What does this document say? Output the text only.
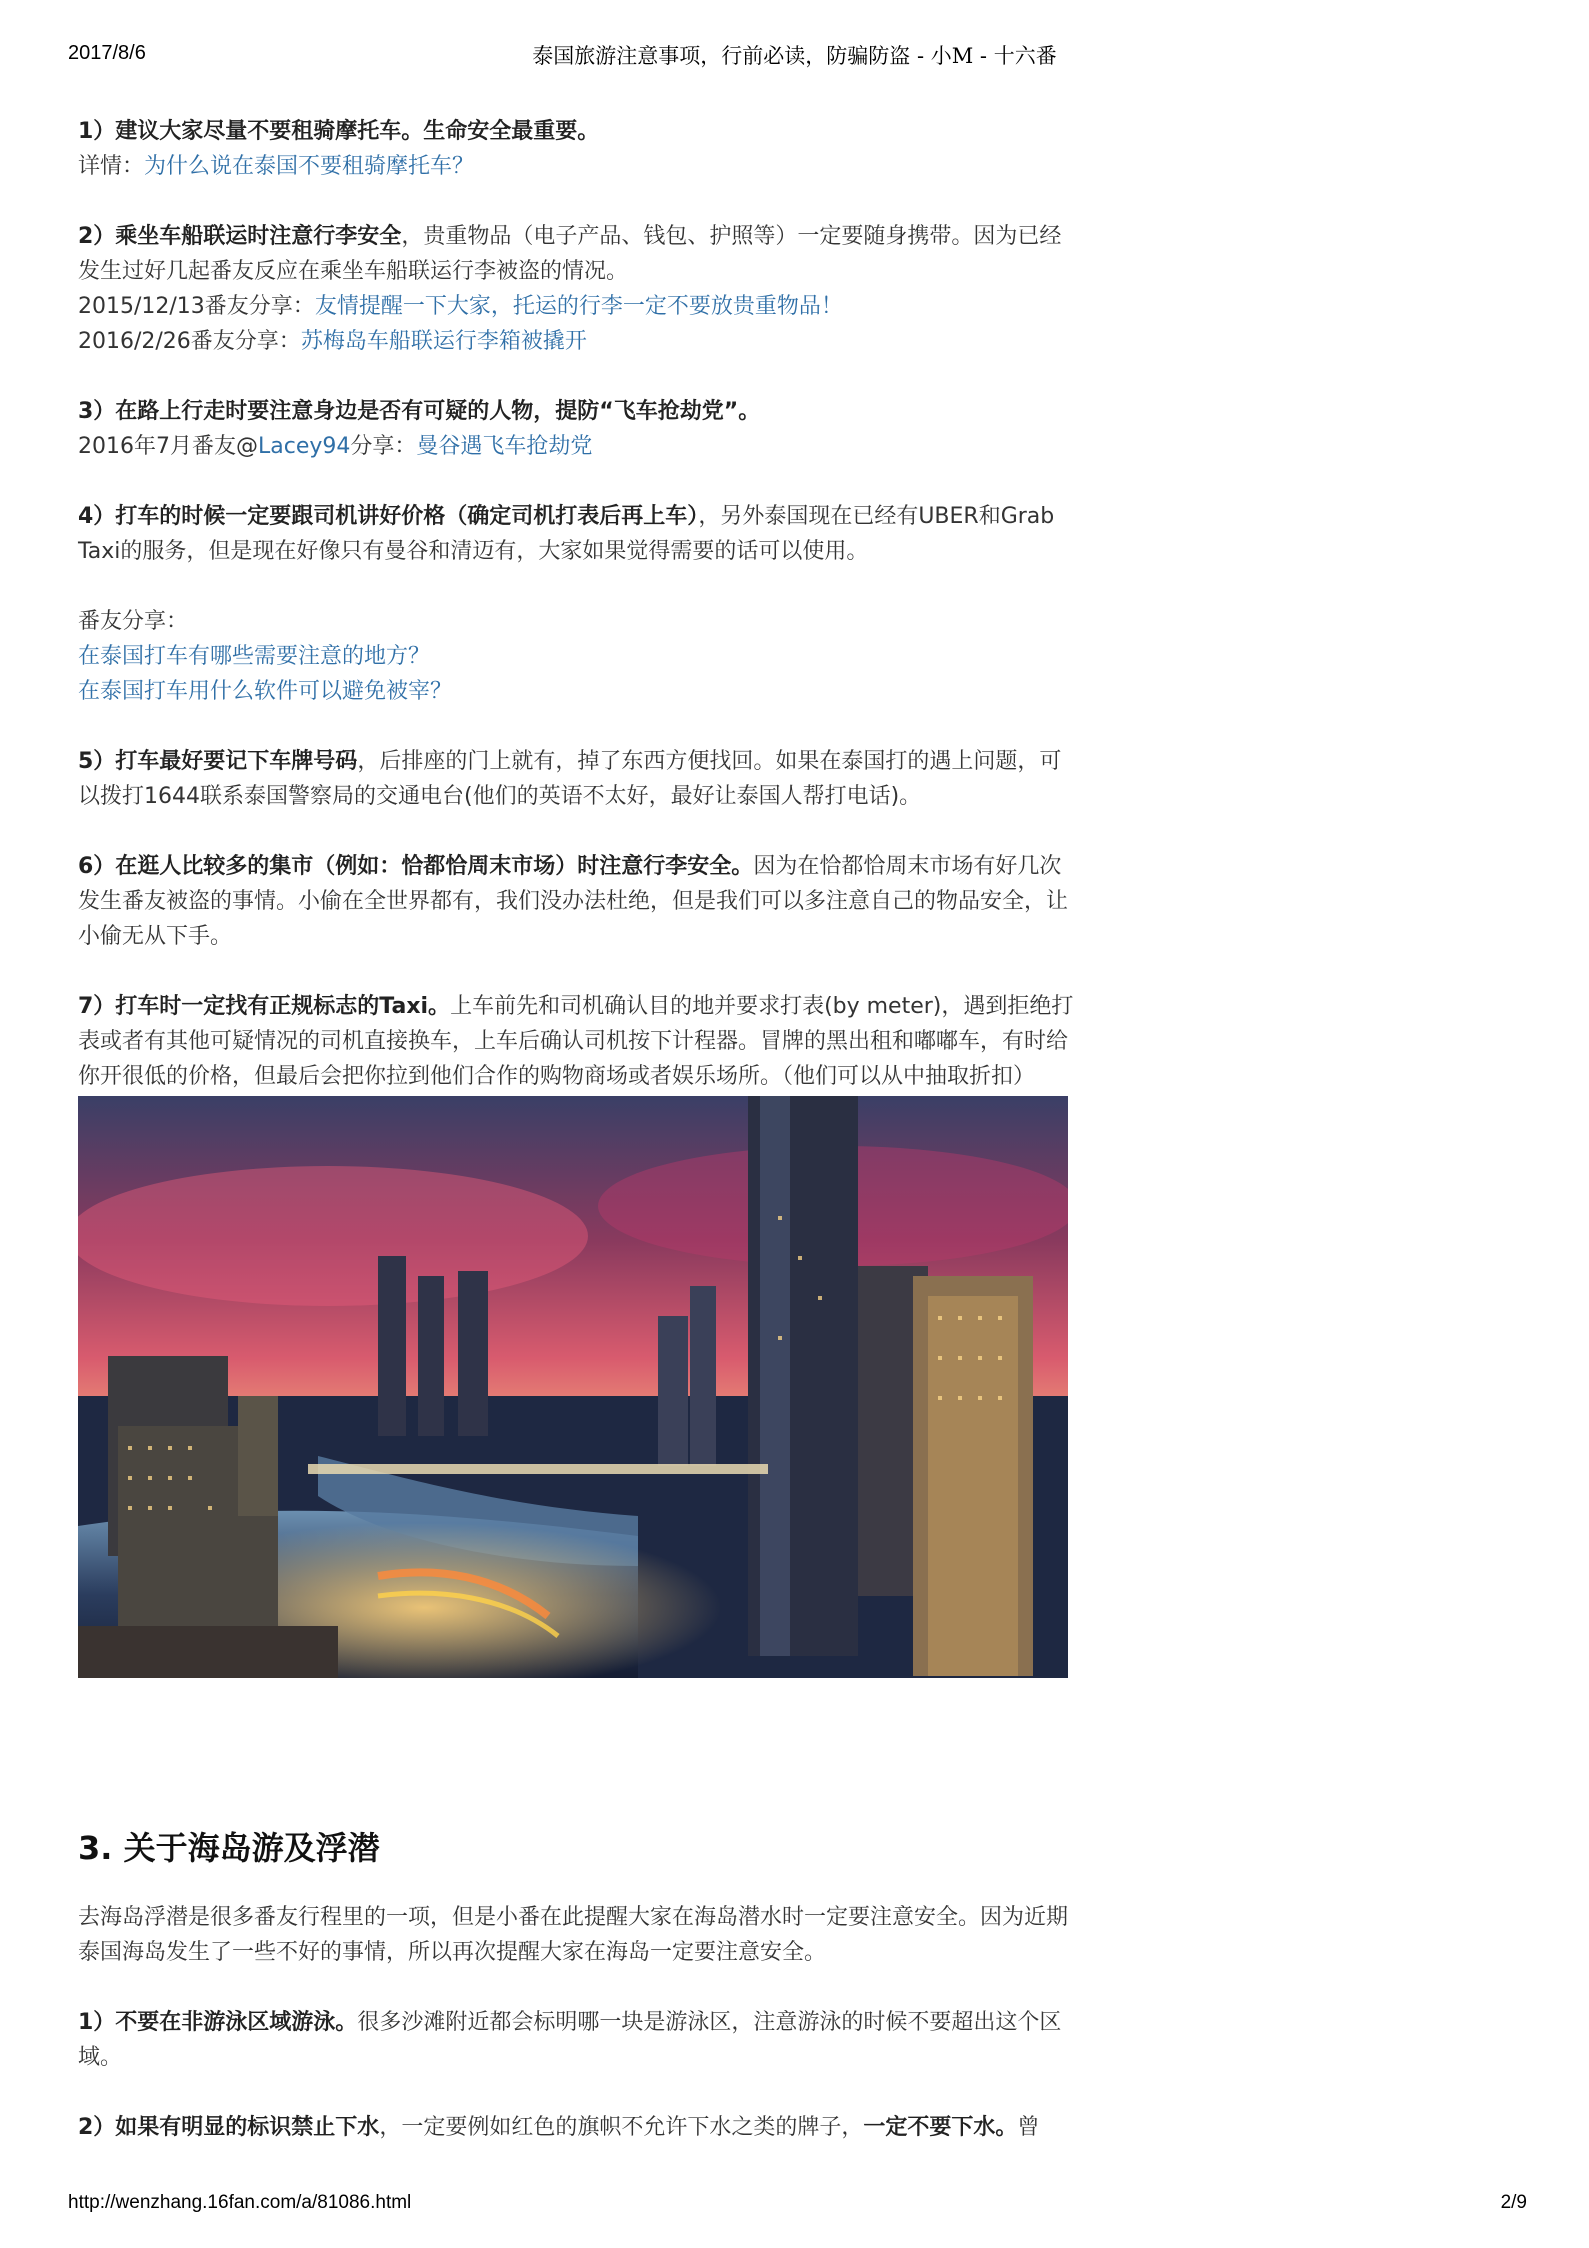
2017/8/6	泰国旅游注意事项，行前必读，防骗防盗 - 小M - 十六番

1）建议大家尽量不要租骑摩托车。生命安全最重要。

详情：为什么说在泰国不要租骑摩托车？

2）乘坐车船联运时注意行李安全，贵重物品（电子产品、钱包、护照等）一定要随身携带。因为已经发生过好几起番友反应在乘坐车船联运行李被盗的情况。

2015/12/13番友分享：友情提醒一下大家，托运的行李一定不要放贵重物品！

2016/2/26番友分享：苏梅岛车船联运行李箱被撬开

3）在路上行走时要注意身边是否有可疑的人物，提防“飞车抢劫党”。

2016年7月番友@Lacey94分享：曼谷遇飞车抢劫党

4）打车的时候一定要跟司机讲好价格（确定司机打表后再上车），另外泰国现在已经有UBER和Grab Taxi的服务，但是现在好像只有曼谷和清迈有，大家如果觉得需要的话可以使用。

番友分享：

在泰国打车有哪些需要注意的地方？

在泰国打车用什么软件可以避免被宰？

5）打车最好要记下车牌号码，后排座的门上就有，掉了东西方便找回。如果在泰国打的遇上问题，可以拨打1644联系泰国警察局的交通电台(他们的英语不太好，最好让泰国人帮打电话)。

6）在逛人比较多的集市（例如：恰都恰周末市场）时注意行李安全。因为在恰都恰周末市场有好几次发生番友被盗的事情。小偷在全世界都有，我们没办法杜绝，但是我们可以多注意自己的物品安全，让小偷无从下手。

7）打车时一定找有正规标志的Taxi。上车前先和司机确认目的地并要求打表(by meter)，遇到拒绝打表或者有其他可疑情况的司机直接换车，上车后确认司机按下计程器。冒牌的黑出租和嘟嘟车，有时给你开很低的价格，但最后会把你拉到他们合作的购物商场或者娱乐场所。（他们可以从中抽取折扣）

3. 关于海岛游及浮潜

去海岛浮潜是很多番友行程里的一项，但是小番在此提醒大家在海岛潜水时一定要注意安全。因为近期泰国海岛发生了一些不好的事情，所以再次提醒大家在海岛一定要注意安全。

1）不要在非游泳区域游泳。很多沙滩附近都会标明哪一块是游泳区，注意游泳的时候不要超出这个区域。

2）如果有明显的标识禁止下水，一定要例如红色的旗帜不允许下水之类的牌子，一定不要下水。曾

http://wenzhang.16fan.com/a/81086.html	2/9
